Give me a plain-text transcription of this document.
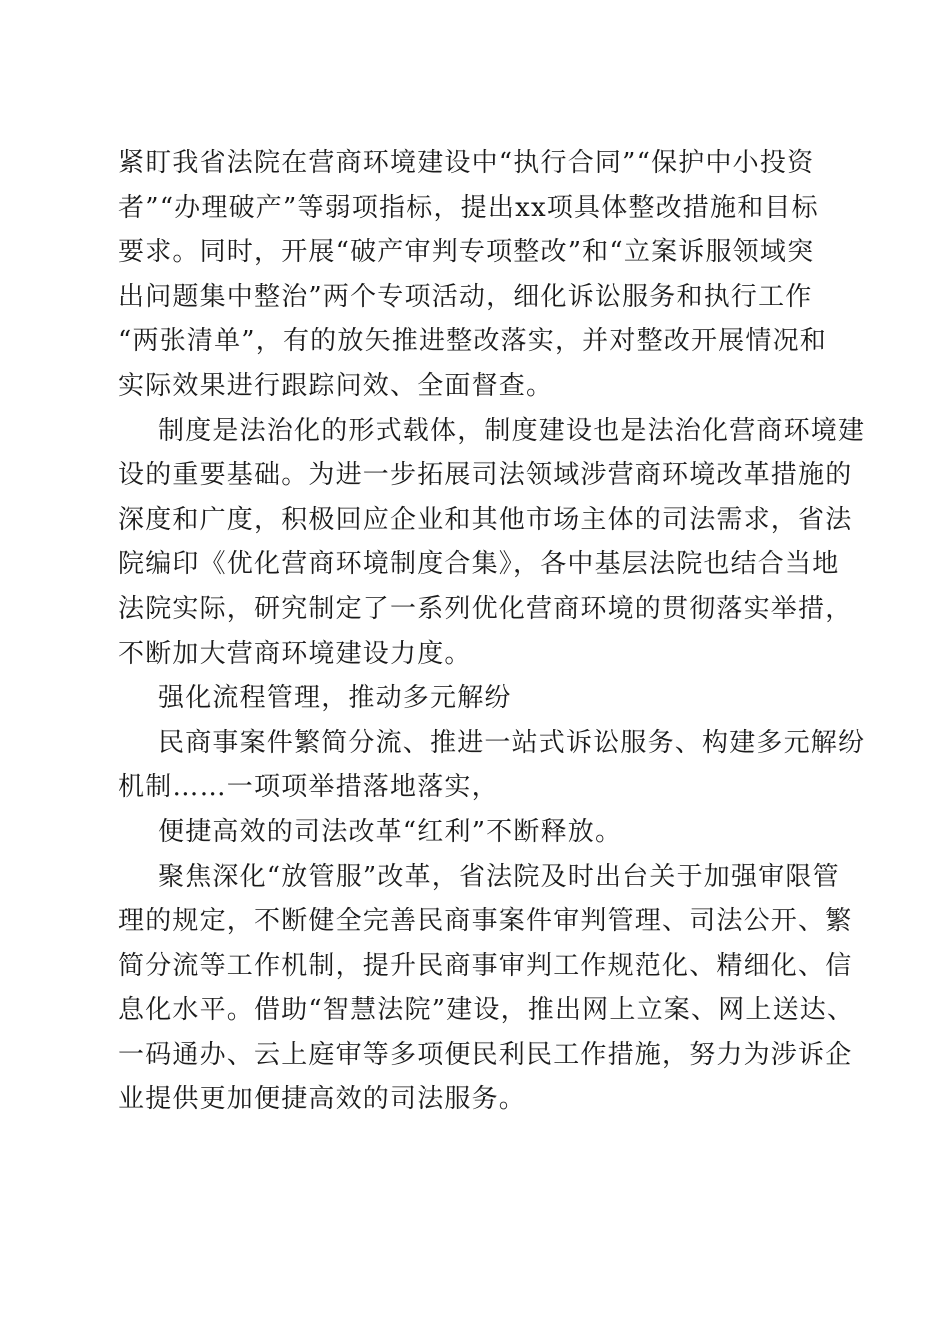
紧盯我省法院在营商环境建设中“执行合同”“保护中小投资
者”“办理破产”等弱项指标，提出xx项具体整改措施和目标
要求。同时，开展“破产审判专项整改”和“立案诉服领域突
出问题集中整治”两个专项活动，细化诉讼服务和执行工作
“两张清单”，有的放矢推进整改落实，并对整改开展情况和
实际效果进行跟踪问效、全面督查。
制度是法治化的形式载体，制度建设也是法治化营商环境建
设的重要基础。为进一步拓展司法领域涉营商环境改革措施的
深度和广度，积极回应企业和其他市场主体的司法需求，省法
院编印《优化营商环境制度合集》，各中基层法院也结合当地
法院实际，研究制定了一系列优化营商环境的贯彻落实举措，
不断加大营商环境建设力度。
强化流程管理，推动多元解纷
民商事案件繁简分流、推进一站式诉讼服务、构建多元解纷
机制……一项项举措落地落实，
便捷高效的司法改革“红利”不断释放。
聚焦深化“放管服”改革，省法院及时出台关于加强审限管
理的规定，不断健全完善民商事案件审判管理、司法公开、繁
简分流等工作机制，提升民商事审判工作规范化、精细化、信
息化水平。借助“智慧法院”建设，推出网上立案、网上送达、
一码通办、云上庭审等多项便民利民工作措施，努力为涉诉企
业提供更加便捷高效的司法服务。
